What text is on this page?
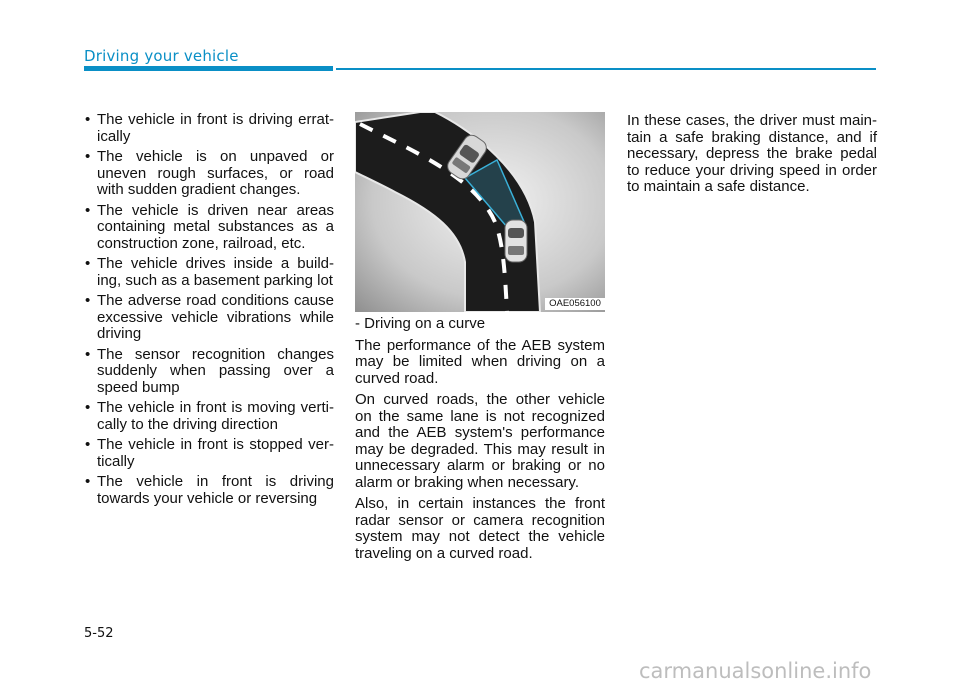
Driving your vehicle
• The vehicle in front is driving errat-ically
• The vehicle is on unpaved or uneven rough surfaces, or road with sudden gradient changes.
• The vehicle is driven near areas containing metal substances as a construction zone, railroad, etc.
• The vehicle drives inside a build-ing, such as a basement parking lot
• The adverse road conditions cause excessive vehicle vibrations while driving
• The sensor recognition changes suddenly when passing over a speed bump
• The vehicle in front is moving verti-cally to the driving direction
• The vehicle in front is stopped ver-tically
• The vehicle in front is driving towards your vehicle or reversing
OAE056100

- Driving on a curve

The performance of the AEB system may be limited when driving on a curved road.

On curved roads, the other vehicle on the same lane is not recognized and the AEB system's performance may be degraded. This may result in unnecessary alarm or braking or no alarm or braking when necessary.

Also, in certain instances the front radar sensor or camera recognition system may not detect the vehicle traveling on a curved road.

In these cases, the driver must main-tain a safe braking distance, and if necessary, depress the brake pedal to reduce your driving speed in order to maintain a safe distance.

5-52
carmanualsonline.info
